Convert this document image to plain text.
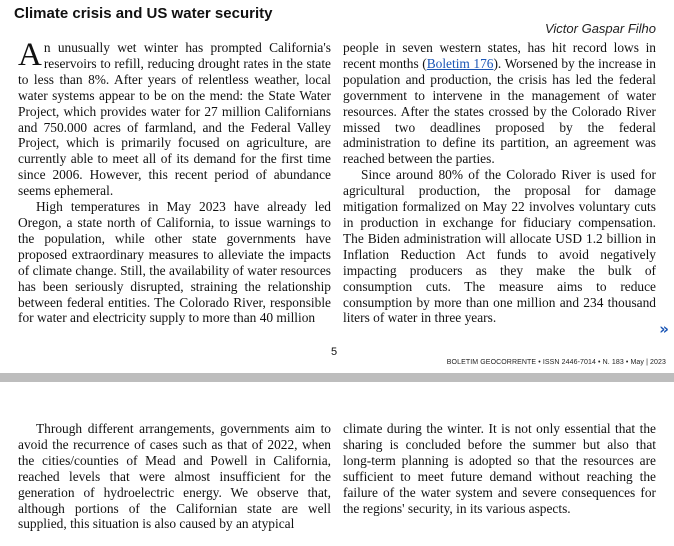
Climate crisis and US water security
Victor Gaspar Filho

An unusually wet winter has prompted California's reservoirs to refill, reducing drought rates in the state to less than 8%. After years of relentless weather, local water systems appear to be on the mend: the State Water Project, which provides water for 27 million Californians and 750.000 acres of farmland, and the Federal Valley Project, which is primarily focused on agriculture, are currently able to meet all of its demand for the first time since 2006. However, this recent period of abundance seems ephemeral.

High temperatures in May 2023 have already led Oregon, a state north of California, to issue warnings to the population, while other state governments have proposed extraordinary measures to alleviate the impacts of climate change. Still, the availability of water resources has been seriously disrupted, straining the relationship between federal entities. The Colorado River, responsible for water and electricity supply to more than 40 million

people in seven western states, has hit record lows in recent months (Boletim 176). Worsened by the increase in population and production, the crisis has led the federal government to intervene in the management of water resources. After the states crossed by the Colorado River missed two deadlines proposed by the federal administration to define its partition, an agreement was reached between the parties.

Since around 80% of the Colorado River is used for agricultural production, the proposal for damage mitigation formalized on May 22 involves voluntary cuts in production in exchange for fiduciary compensation. The Biden administration will allocate USD 1.2 billion in Inflation Reduction Act funds to avoid negatively impacting producers as they make the bulk of consumption cuts. The measure aims to reduce consumption by more than one million and 234 thousand liters of water in three years.

»
5
BOLETIM GEOCORRENTE • ISSN 2446-7014 • N. 183 • May | 2023

Through different arrangements, governments aim to avoid the recurrence of cases such as that of 2022, when the cities/counties of Mead and Powell in California, reached levels that were almost insufficient for the generation of hydroelectric energy. We observe that, although portions of the Californian state are well supplied, this situation is also caused by an atypical

climate during the winter. It is not only essential that the sharing is concluded before the summer but also that long-term planning is adopted so that the resources are sufficient to meet future demand without reaching the failure of the water system and severe consequences for the regions' security, in its various aspects.
